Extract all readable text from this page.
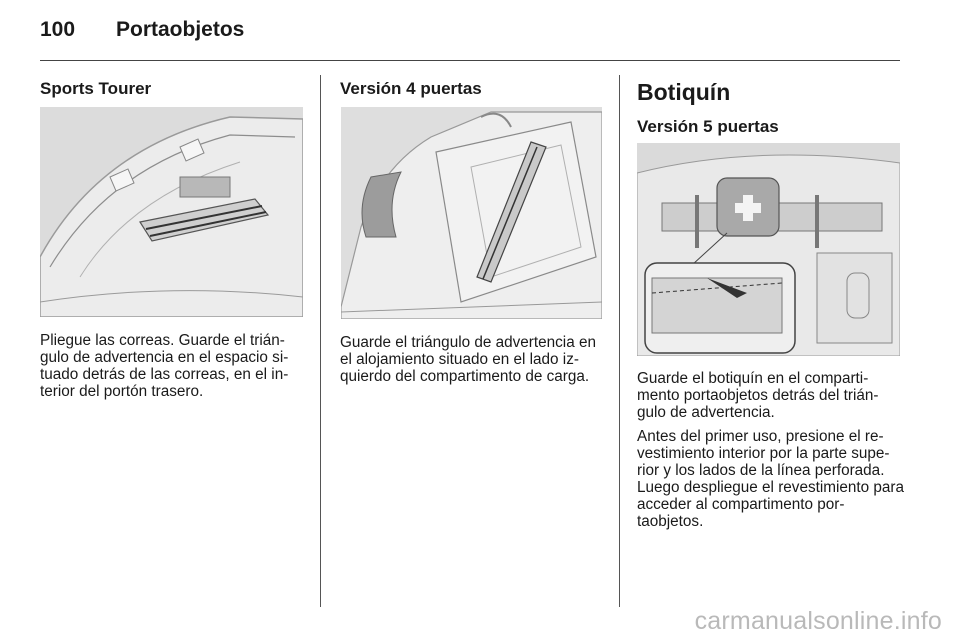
100 Portaobjetos
Sports Tourer

Pliegue las correas. Guarde el trián-gulo de advertencia en el espacio si-tuado detrás de las correas, en el in-terior del portón trasero.

Versión 4 puertas

Guarde el triángulo de advertencia en el alojamiento situado en el lado iz-quierdo del compartimento de carga.

Botiquín
Versión 5 puertas

Guarde el botiquín en el comparti-mento portaobjetos detrás del trián-gulo de advertencia.

Antes del primer uso, presione el re-vestimiento interior por la parte supe-rior y los lados de la línea perforada. Luego despliegue el revestimiento para acceder al compartimento por-taobjetos.

carmanualsonline.info
